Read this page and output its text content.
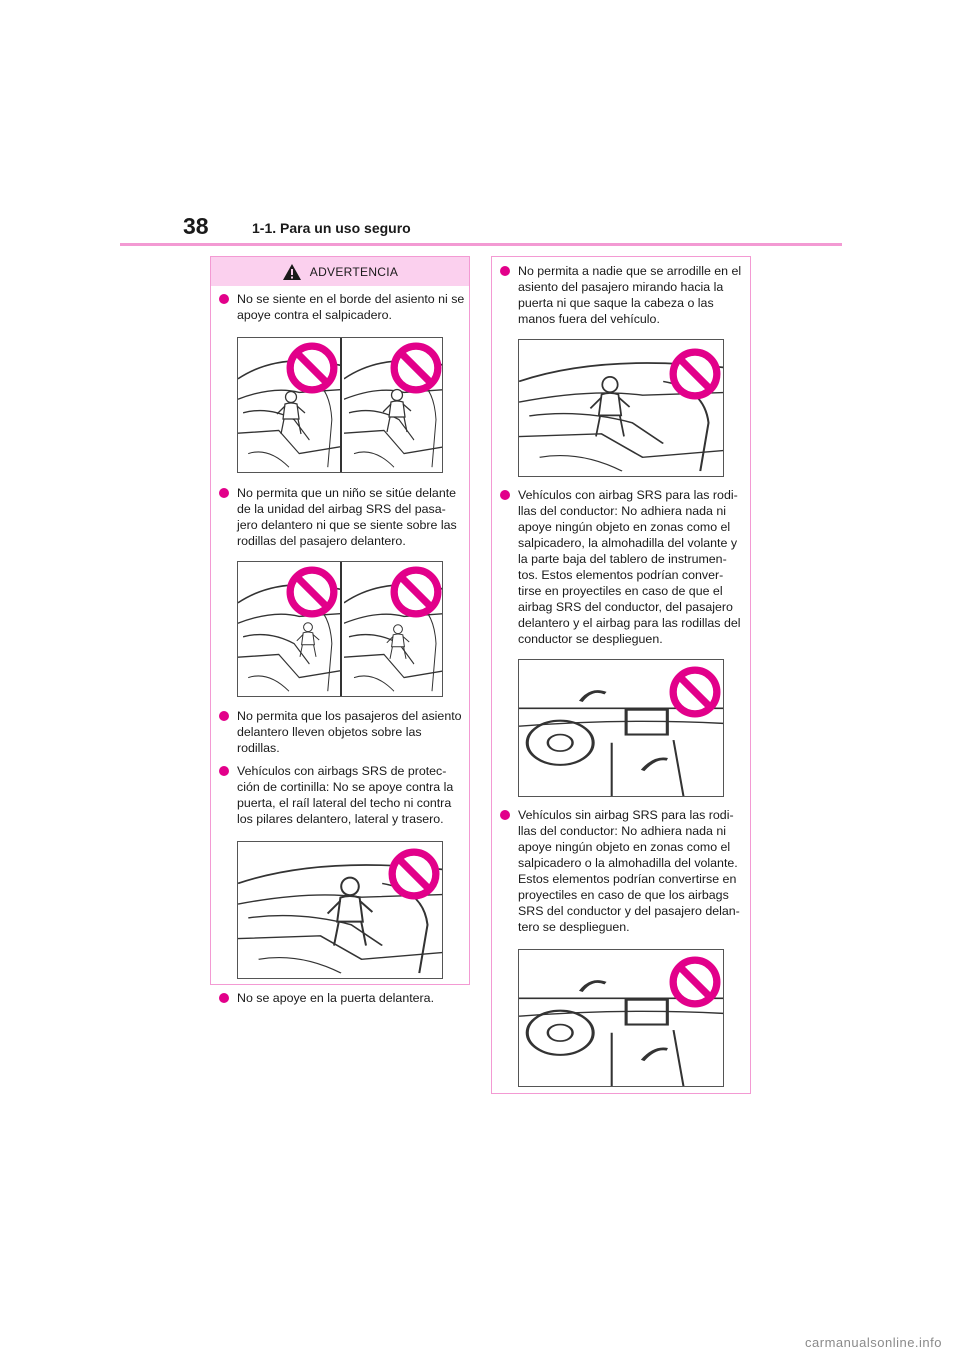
38	1-1. Para un uso seguro
ADVERTENCIA
No se siente en el borde del asiento ni se apoye contra el salpicadero.
No permita que un niño se sitúe delante de la unidad del airbag SRS del pasa-jero delantero ni que se siente sobre las rodillas del pasajero delantero.
No permita que los pasajeros del asiento delantero lleven objetos sobre las rodillas.
Vehículos con airbags SRS de protec-ción de cortinilla: No se apoye contra la puerta, el raíl lateral del techo ni contra los pilares delantero, lateral y trasero.
No se apoye en la puerta delantera.
No permita a nadie que se arrodille en el asiento del pasajero mirando hacia la puerta ni que saque la cabeza o las manos fuera del vehículo.
Vehículos con airbag SRS para las rodi-llas del conductor: No adhiera nada ni apoye ningún objeto en zonas como el salpicadero, la almohadilla del volante y la parte baja del tablero de instrumen-tos. Estos elementos podrían conver-tirse en proyectiles en caso de que el airbag SRS del conductor, del pasajero delantero y el airbag para las rodillas del conductor se desplieguen.
Vehículos sin airbag SRS para las rodi-llas del conductor: No adhiera nada ni apoye ningún objeto en zonas como el salpicadero o la almohadilla del volante. Estos elementos podrían convertirse en proyectiles en caso de que los airbags SRS del conductor y del pasajero delan-tero se desplieguen.
carmanualsonline.info
